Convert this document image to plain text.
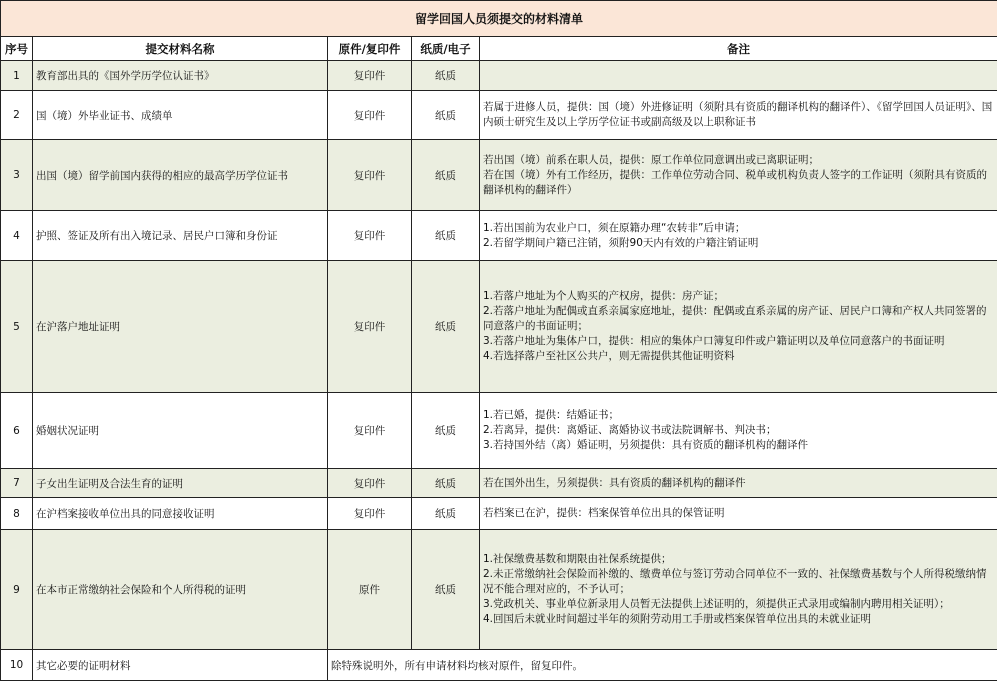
留学回国人员须提交的材料清单				
序号	提交材料名称	原件/复印件	纸质/电子	备注
1	教育部出具的《国外学历学位认证书》	复印件	纸质	
2	国（境）外毕业证书、成绩单	复印件	纸质	若属于进修人员，提供：国（境）外进修证明（须附具有资质的翻译机构的翻译件）、《留学回国人员证明》、国内硕士研究生及以上学历学位证书或副高级及以上职称证书
3	出国（境）留学前国内获得的相应的最高学历学位证书	复印件	纸质	若出国（境）前系在职人员，提供：原工作单位同意调出或已离职证明；
若在国（境）外有工作经历，提供：工作单位劳动合同、税单或机构负责人签字的工作证明（须附具有资质的翻译机构的翻译件）
4	护照、签证及所有出入境记录、居民户口簿和身份证	复印件	纸质	1.若出国前为农业户口，须在原籍办理“农转非”后申请；
2.若留学期间户籍已注销，须附90天内有效的户籍注销证明
5	在沪落户地址证明	复印件	纸质	1.若落户地址为个人购买的产权房，提供：房产证；
2.若落户地址为配偶或直系亲属家庭地址，提供：配偶或直系亲属的房产证、居民户口簿和产权人共同签署的同意落户的书面证明；
3.若落户地址为集体户口，提供：相应的集体户口簿复印件或户籍证明以及单位同意落户的书面证明
4.若选择落户至社区公共户，则无需提供其他证明资料
6	婚姻状况证明	复印件	纸质	1.若已婚，提供：结婚证书；
2.若离异，提供：离婚证、离婚协议书或法院调解书、判决书；
3.若持国外结（离）婚证明，另须提供：具有资质的翻译机构的翻译件
7	子女出生证明及合法生育的证明	复印件	纸质	若在国外出生，另须提供：具有资质的翻译机构的翻译件
8	在沪档案接收单位出具的同意接收证明	复印件	纸质	若档案已在沪，提供：档案保管单位出具的保管证明
9	在本市正常缴纳社会保险和个人所得税的证明	原件	纸质	1.社保缴费基数和期限由社保系统提供；
2.未正常缴纳社会保险而补缴的、缴费单位与签订劳动合同单位不一致的、社保缴费基数与个人所得税缴纳情况不能合理对应的，不予认可；
3.党政机关、事业单位新录用人员暂无法提供上述证明的，须提供正式录用或编制内聘用相关证明）；
4.回国后未就业时间超过半年的须附劳动用工手册或档案保管单位出具的未就业证明
10	其它必要的证明材料	除特殊说明外，所有申请材料均核对原件，留复印件。		
